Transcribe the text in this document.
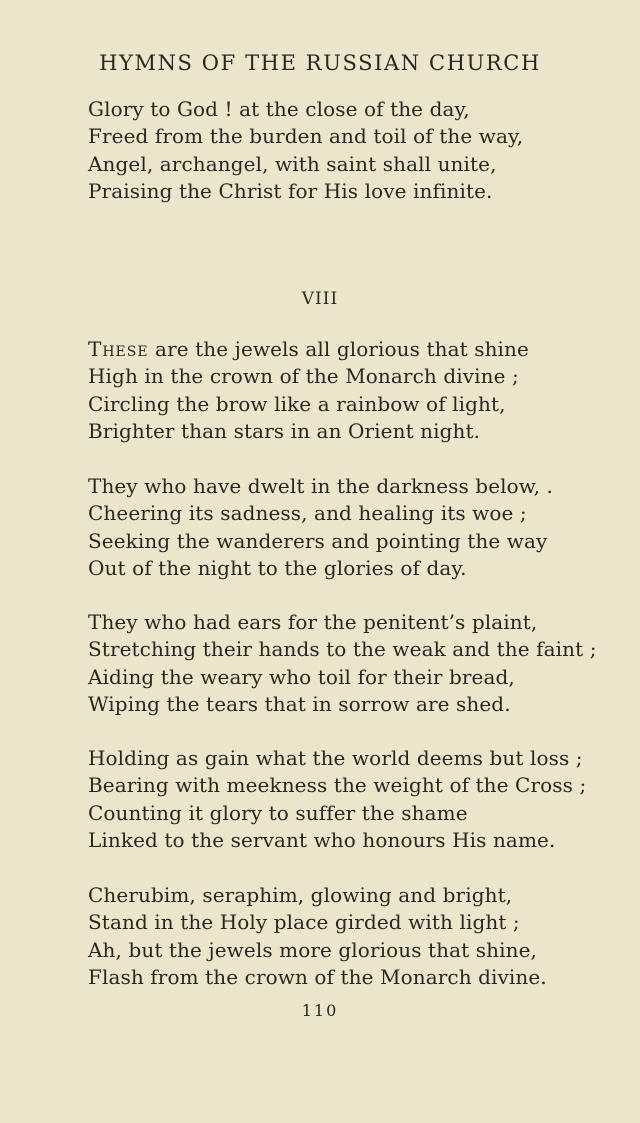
HYMNS OF THE RUSSIAN CHURCH
Glory to God ! at the close of the day,
Freed from the burden and toil of the way,
Angel, archangel, with saint shall unite,
Praising the Christ for His love infinite.
VIII
These are the jewels all glorious that shine
High in the crown of the Monarch divine ;
Circling the brow like a rainbow of light,
Brighter than stars in an Orient night.
They who have dwelt in the darkness below, .
Cheering its sadness, and healing its woe ;
Seeking the wanderers and pointing the way
Out of the night to the glories of day.
They who had ears for the penitent’s plaint,
Stretching their hands to the weak and the faint ;
Aiding the weary who toil for their bread,
Wiping the tears that in sorrow are shed.
Holding as gain what the world deems but loss ;
Bearing with meekness the weight of the Cross ;
Counting it glory to suffer the shame
Linked to the servant who honours His name.
Cherubim, seraphim, glowing and bright,
Stand in the Holy place girded with light ;
Ah, but the jewels more glorious that shine,
Flash from the crown of the Monarch divine.
110
